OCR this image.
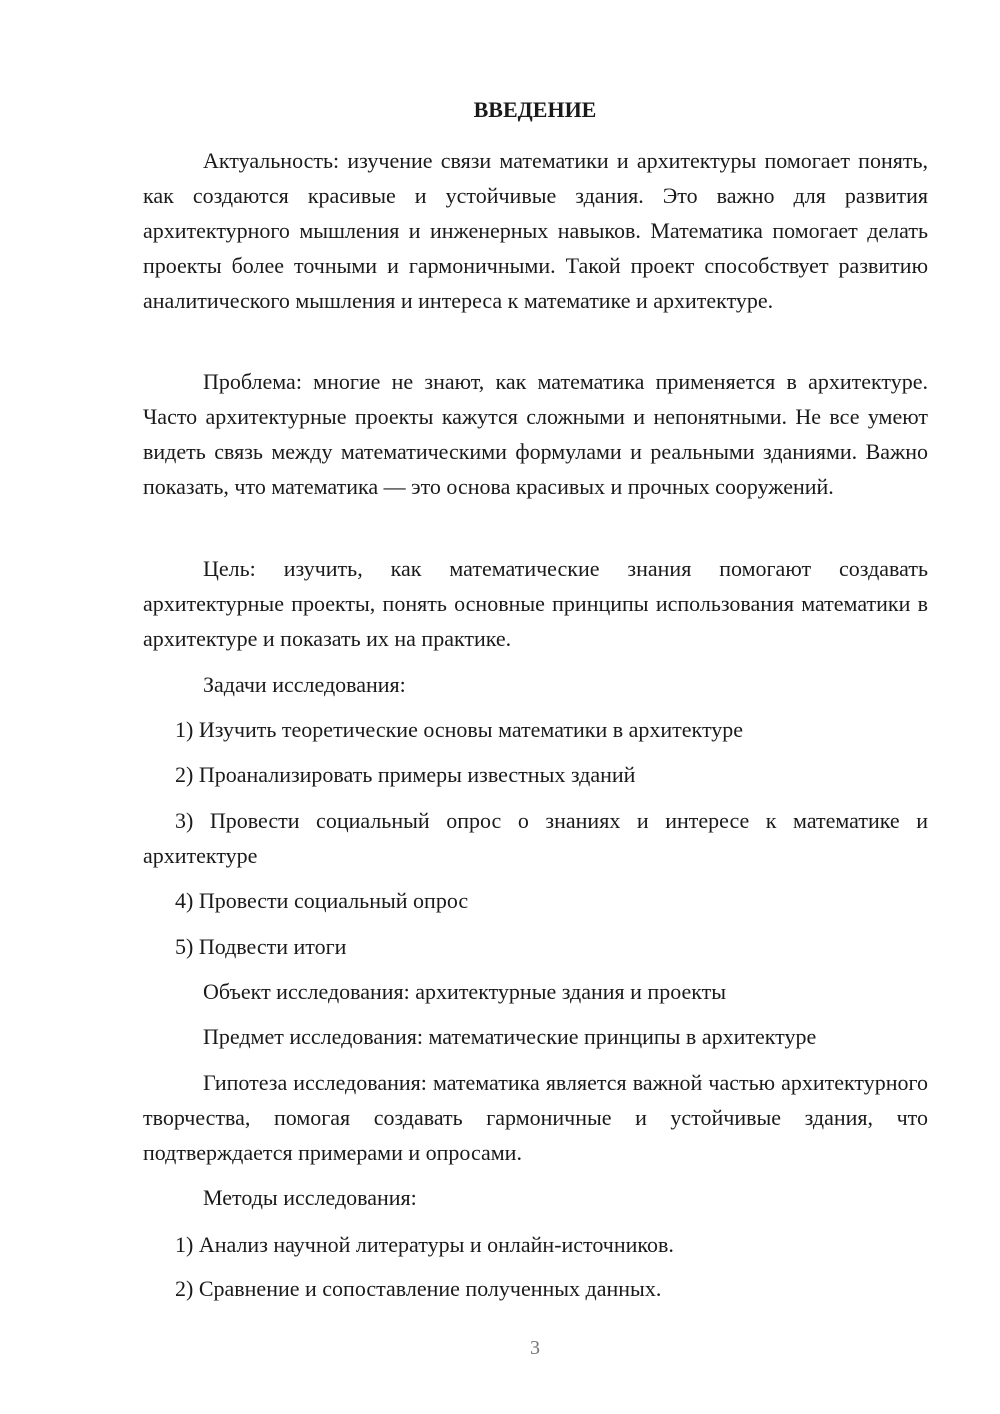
ВВЕДЕНИЕ

Актуальность: изучение связи математики и архитектуры помогает понять, как создаются красивые и устойчивые здания. Это важно для развития архитектурного мышления и инженерных навыков. Математика помогает делать проекты более точными и гармоничными. Такой проект способствует развитию аналитического мышления и интереса к математике и архитектуре.

Проблема: многие не знают, как математика применяется в архитектуре. Часто архитектурные проекты кажутся сложными и непонятными. Не все умеют видеть связь между математическими формулами и реальными зданиями. Важно показать, что математика — это основа красивых и прочных сооружений.

Цель: изучить, как математические знания помогают создавать архитектурные проекты, понять основные принципы использования математики в архитектуре и показать их на практике.

Задачи исследования:

1) Изучить теоретические основы математики в архитектуре

2) Проанализировать примеры известных зданий

3) Провести социальный опрос о знаниях и интересе к математике и архитектуре

4) Провести социальный опрос

5) Подвести итоги

Объект исследования: архитектурные здания и проекты

Предмет исследования: математические принципы в архитектуре

Гипотеза исследования: математика является важной частью архитектурного творчества, помогая создавать гармоничные и устойчивые здания, что подтверждается примерами и опросами.

Методы исследования:

1) Анализ научной литературы и онлайн-источников.

2) Сравнение и сопоставление полученных данных.

3
